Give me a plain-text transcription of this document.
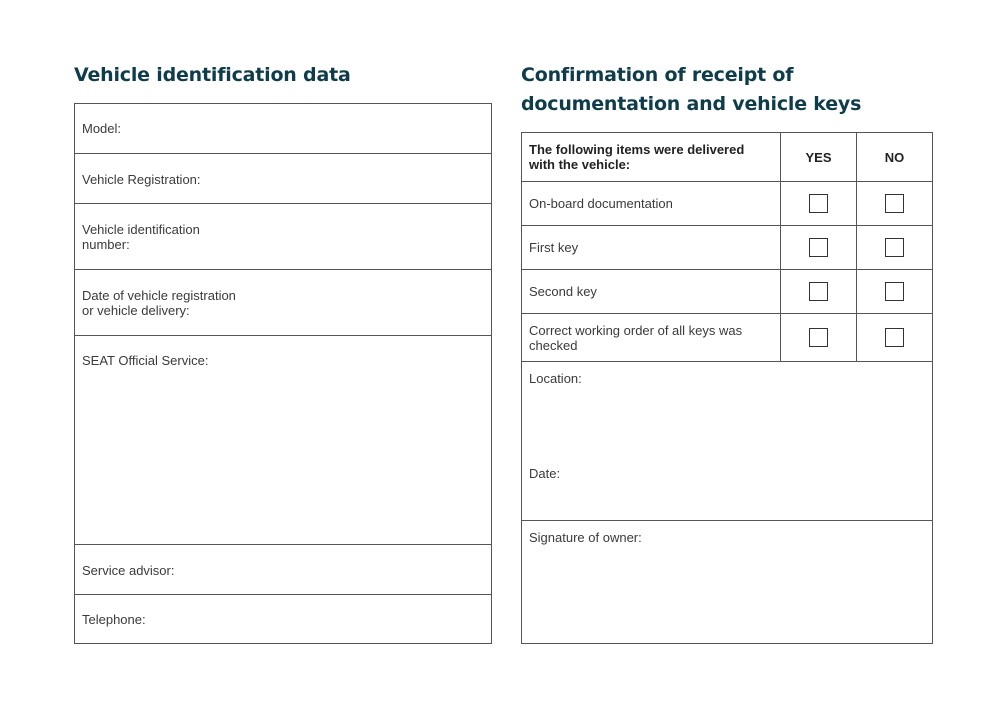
Vehicle identification data
Model:
Vehicle Registration:
Vehicle identification
number:
Date of vehicle registration
or vehicle delivery:
SEAT Official Service:
Service advisor:
Telephone:
Confirmation of receipt of
documentation and vehicle keys
The following items were delivered
with the vehicle:	YES	NO
On-board documentation
First key
Second key
Correct working order of all keys was
checked
Location:
Date:
Signature of owner:
